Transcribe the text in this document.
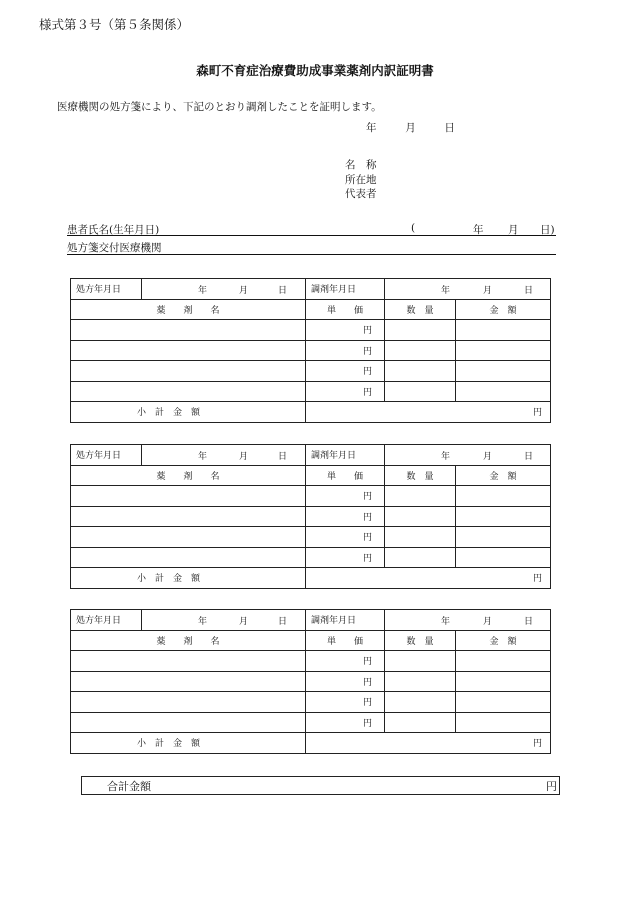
様式第３号（第５条関係）
森町不育症治療費助成事業薬剤内訳証明書
医療機関の処方箋により、下記のとおり調剤したことを証明します。
年	月	日
名　称
所在地
代表者
患者氏名(生年月日)	(	年 月 日)
処方箋交付医療機関
処方年月日	年 月 日	調剤年月日	年 月 日	

薬　　剤　　名		単　　価	数　量	金　額
		円		
		円		
		円		
		円		
小　計　金　額		円		
処方年月日	年 月 日	調剤年月日	年 月 日	

薬　　剤　　名		単　　価	数　量	金　額
		円		
		円		
		円		
		円		
小　計　金　額		円		
処方年月日	年 月 日	調剤年月日	年 月 日	

薬　　剤　　名		単　　価	数　量	金　額
		円		
		円		
		円		
		円		
小　計　金　額		円		
合計金額	円
